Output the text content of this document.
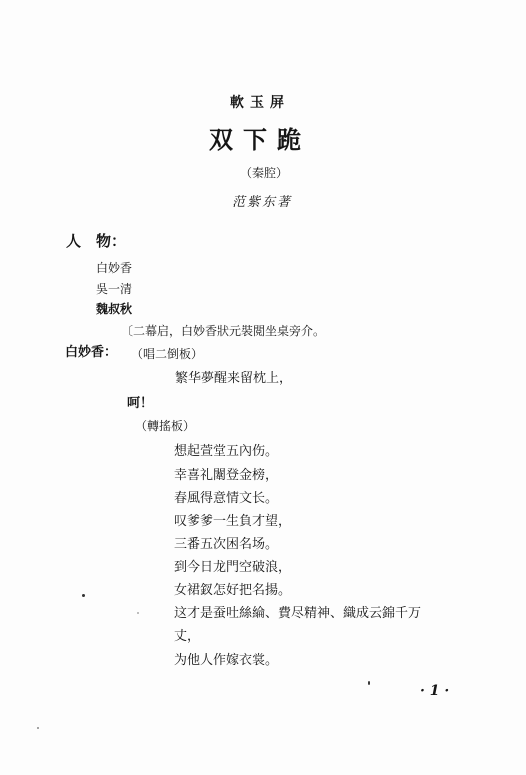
軟玉屏
双下跪
（秦腔）
范紫东著
人　物：
白妙香
吳一清
魏叔秋
〔二幕启，白妙香狀元裝閲坐桌旁介。
白妙香： （唱二倒板）
繁华夢醒来留枕上，
呵！
（轉搖板）
想起萱堂五內伤。
幸喜礼闈登金榜，
春風得意情文长。
叹爹爹一生負才望，
三番五次困名场。
到今日龙門空破浪，
女裙釵怎好把名揚。
这才是蚕吐絲綸、費尽精神、織成云錦千万
丈，
为他人作嫁衣裳。
· 1 ·
